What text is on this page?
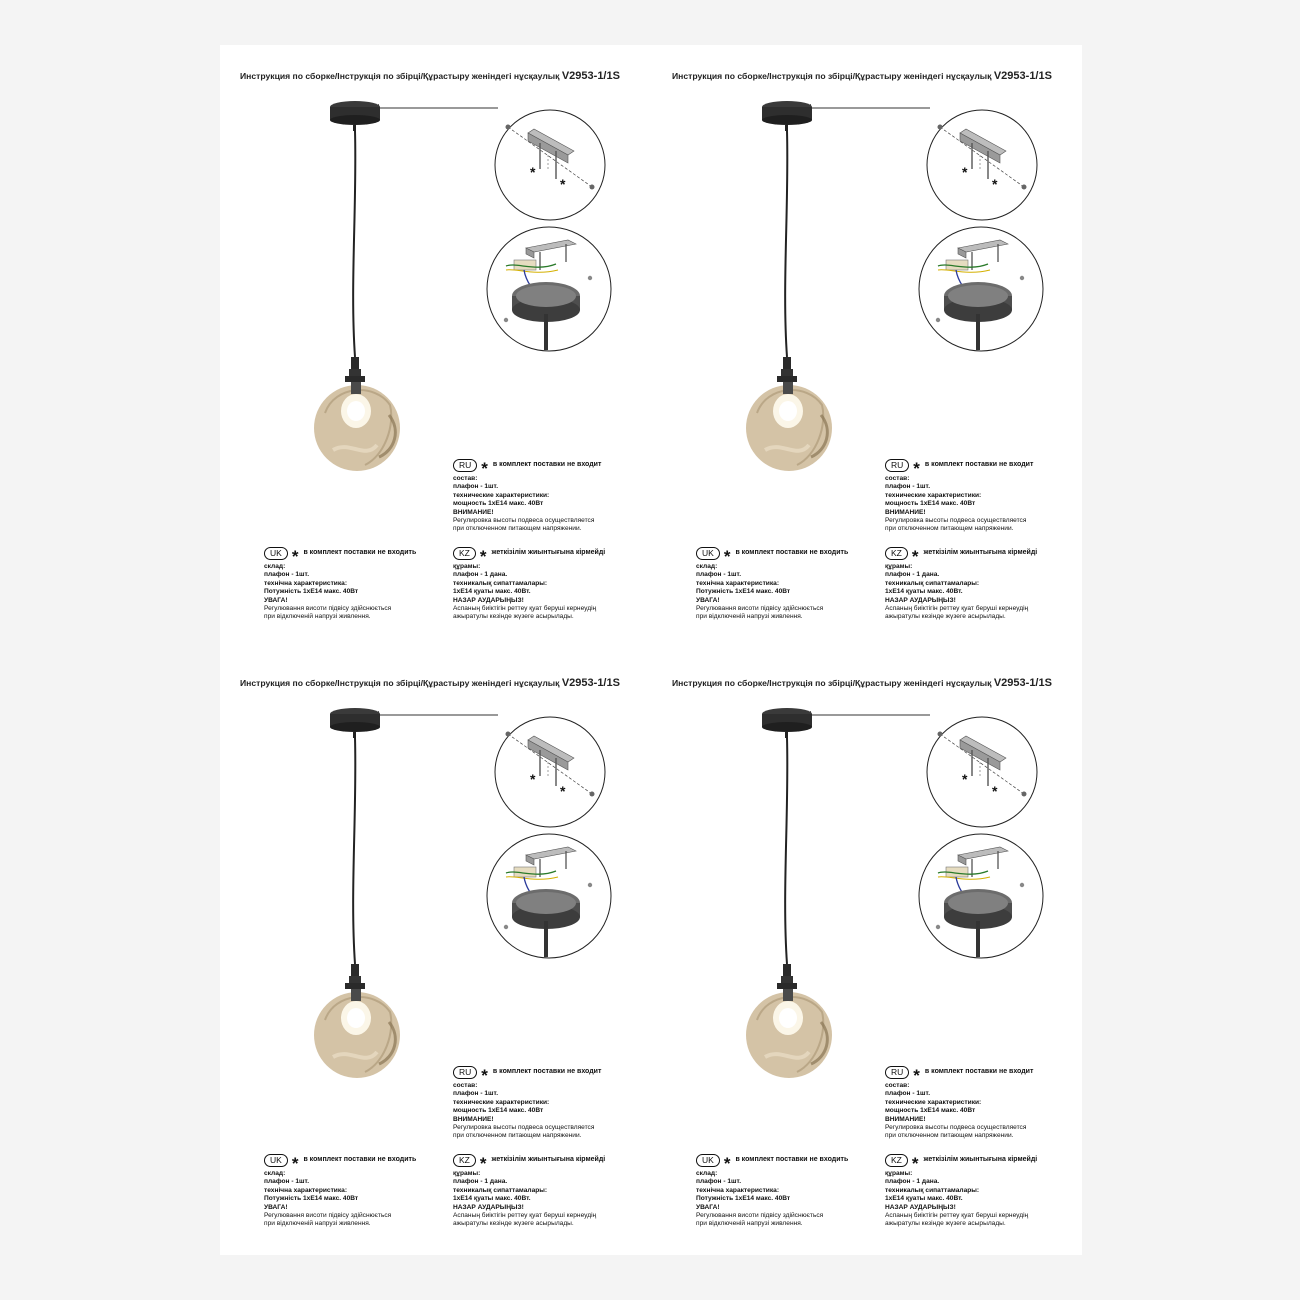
Инструкция по сборке/Інструкція по збірці/Құрастыру женіндегі нұсқаулық V2953-1/1S
*
*
RU * в комплект поставки не входит
состав:
плафон - 1шт.
технические характеристики:
мощность 1хЕ14 макс. 40Вт
ВНИМАНИЕ!
Регулировка высоты подвеса осуществляется
при отключенном питающем напряжении.
UK * в комплект поставки не входить
склад:
плафон - 1шт.
технічна характеристика:
Потужність 1хЕ14 макс. 40Вт
УВАГА!
Регулювання висоти підвісу здійснюється
при відключеній напрузі живлення.
KZ * жеткізілім жиынтығына кірмейді
құрамы:
плафон - 1 дана.
техникалық сипаттамалары:
1хЕ14 қуаты макс. 40Вт.
НАЗАР АУДАРЫҢЫЗ!
Аспаның биіктігін реттеу қуат беруші кернеудің
ажыратулы кезінде жүзеге асырылады.
Инструкция по сборке/Інструкція по збірці/Құрастыру женіндегі нұсқаулық V2953-1/1S
*
*
RU * в комплект поставки не входит
состав:
плафон - 1шт.
технические характеристики:
мощность 1хЕ14 макс. 40Вт
ВНИМАНИЕ!
Регулировка высоты подвеса осуществляется
при отключенном питающем напряжении.
UK * в комплект поставки не входить
склад:
плафон - 1шт.
технічна характеристика:
Потужність 1хЕ14 макс. 40Вт
УВАГА!
Регулювання висоти підвісу здійснюється
при відключеній напрузі живлення.
KZ * жеткізілім жиынтығына кірмейді
құрамы:
плафон - 1 дана.
техникалық сипаттамалары:
1хЕ14 қуаты макс. 40Вт.
НАЗАР АУДАРЫҢЫЗ!
Аспаның биіктігін реттеу қуат беруші кернеудің
ажыратулы кезінде жүзеге асырылады.
Инструкция по сборке/Інструкція по збірці/Құрастыру женіндегі нұсқаулық V2953-1/1S
*
*
RU * в комплект поставки не входит
состав:
плафон - 1шт.
технические характеристики:
мощность 1хЕ14 макс. 40Вт
ВНИМАНИЕ!
Регулировка высоты подвеса осуществляется
при отключенном питающем напряжении.
UK * в комплект поставки не входить
склад:
плафон - 1шт.
технічна характеристика:
Потужність 1хЕ14 макс. 40Вт
УВАГА!
Регулювання висоти підвісу здійснюється
при відключеній напрузі живлення.
KZ * жеткізілім жиынтығына кірмейді
құрамы:
плафон - 1 дана.
техникалық сипаттамалары:
1хЕ14 қуаты макс. 40Вт.
НАЗАР АУДАРЫҢЫЗ!
Аспаның биіктігін реттеу қуат беруші кернеудің
ажыратулы кезінде жүзеге асырылады.
Инструкция по сборке/Інструкція по збірці/Құрастыру женіндегі нұсқаулық V2953-1/1S
*
*
RU * в комплект поставки не входит
состав:
плафон - 1шт.
технические характеристики:
мощность 1хЕ14 макс. 40Вт
ВНИМАНИЕ!
Регулировка высоты подвеса осуществляется
при отключенном питающем напряжении.
UK * в комплект поставки не входить
склад:
плафон - 1шт.
технічна характеристика:
Потужність 1хЕ14 макс. 40Вт
УВАГА!
Регулювання висоти підвісу здійснюється
при відключеній напрузі живлення.
KZ * жеткізілім жиынтығына кірмейді
құрамы:
плафон - 1 дана.
техникалық сипаттамалары:
1хЕ14 қуаты макс. 40Вт.
НАЗАР АУДАРЫҢЫЗ!
Аспаның биіктігін реттеу қуат беруші кернеудің
ажыратулы кезінде жүзеге асырылады.
